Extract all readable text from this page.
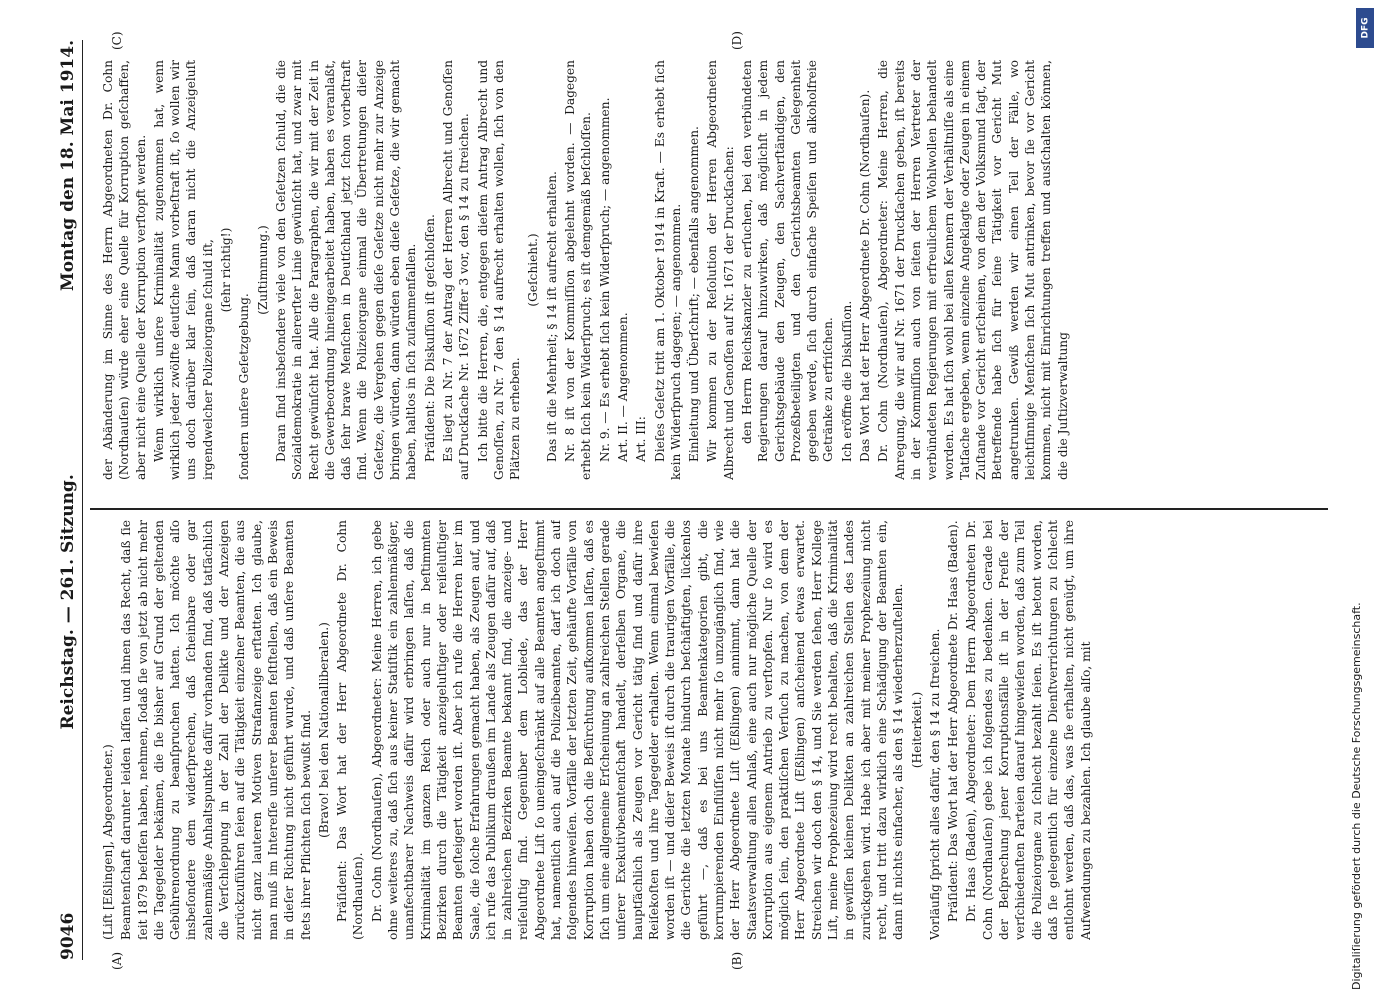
9046
Reichstag. — 261. Sitzung.
Montag den 18. Mai 1914.
(A)	(B)
(C)	(D)

(Liſt [Eßlingen], Abgeordneter.) Beamtenſchaft darunter leiden laſſen und ihnen das Recht, daß ſie ſeit 1879 beſeſſen haben, nehmen, ſodaß ſie von jetzt ab nicht mehr die Tagegelder bekämen, die ſie bisher auf Grund der geltenden Gebührenordnung zu beanſpruchen hatten. Ich möchte alſo insbeſondere dem widerſprechen, daß ſcheinbare oder gar zahlenmäßige Anhaltspunkte dafür vorhanden ſind, daß tatſächlich die Verſchleppung in der Zahl der Delikte und der Anzeigen zurückzuführen ſeien auf die Tätigkeit einzelner Beamten, die aus nicht ganz lauteren Motiven Strafanzeige erſtatten. Ich glaube, man muß im Intereſſe unſerer Beamten feſtſtellen, daß ein Beweis in dieſer Richtung nicht geführt wurde, und daß unſere Beamten ſtets ihrer Pflichten ſich bewußt ſind. (Bravo! bei den Nationalliberalen.) Präſident: Das Wort hat der Herr Abgeordnete Dr. Cohn (Nordhauſen). Dr. Cohn (Nordhauſen), Abgeordneter: Meine Herren, ich gebe ohne weiteres zu, daß ſich aus keiner Statiſtik ein zahlenmäßiger, unanfechtbarer Nachweis dafür wird erbringen laſſen, daß die Kriminalität im ganzen Reich oder auch nur in beſtimmten Bezirken durch die Tätigkeit anzeigeluſtiger oder reiſeluſtiger Beamten geſteigert worden iſt. Aber ich rufe die Herren hier im Saale, die ſolche Erfahrungen gemacht haben, als Zeugen auf, und ich rufe das Publikum draußen im Lande als Zeugen dafür auf, daß in zahlreichen Bezirken Beamte bekannt ſind, die anzeige- und reiſeluſtig ſind. Gegenüber dem Lobliede, das der Herr Abgeordnete Liſt ſo uneingeſchränkt auf alle Beamten angeſtimmt hat, namentlich auch auf die Polizeibeamten, darf ich doch auf folgendes hinweiſen. Vorfälle der letzten Zeit, gehäufte Vorfälle von Korruption haben doch die Befürchtung aufkommen laſſen, daß es ſich um eine allgemeine Erſcheinung an zahlreichen Stellen gerade unſerer Exekutivbeamtenſchaft handelt, derſelben Organe, die hauptſächlich als Zeugen vor Gericht tätig ſind und dafür ihre Reiſekoſten und ihre Tagegelder erhalten. Wenn einmal bewieſen worden iſt — und dieſer Beweis iſt durch die traurigen Vorfälle, die die Gerichte die letzten Monate hindurch beſchäftigten, lückenlos geführt —, daß es bei uns Beamtenkategorien gibt, die korrumpierenden Einflüſſen nicht mehr ſo unzugänglich ſind, wie der Herr Abgeordnete Liſt (Eßlingen) annimmt, dann hat die Staatsverwaltung allen Anlaß, eine auch nur mögliche Quelle der Korruption aus eigenem Antrieb zu verſtopfen. Nur ſo wird es möglich ſein, den praktiſchen Verſuch zu machen, von dem der Herr Abgeordnete Liſt (Eßlingen) anſcheinend etwas erwartet. Streichen wir doch den § 14, und Sie werden ſehen, Herr Kollege Liſt, meine Prophezeiung wird recht behalten, daß die Kriminalität in gewiſſen kleinen Delikten an zahlreichen Stellen des Landes zurückgehen wird. Habe ich aber mit meiner Prophezeiung nicht recht, und tritt dazu wirklich eine Schädigung der Beamten ein, dann iſt nichts einfacher, als den § 14 wiederherzuſtellen. (Heiterkeit.) Vorläufig ſpricht alles dafür, den § 14 zu ſtreichen. Präſident: Das Wort hat der Herr Abgeordnete Dr. Haas (Baden). Dr. Haas (Baden), Abgeordneter: Dem Herrn Abgeordneten Dr. Cohn (Nordhauſen) gebe ich folgendes zu bedenken. Gerade bei der Beſprechung jener Korruptionsfälle iſt in der Preſſe der verſchiedenſten Parteien darauf hingewieſen worden, daß zum Teil die Polizeiorgane zu ſchlecht bezahlt ſeien. Es iſt betont worden, daß ſie gelegentlich für einzelne Dienſtverrichtungen zu ſchlecht entlohnt werden, daß das, was ſie erhalten, nicht genügt, um ihre Aufwendungen zu bezahlen. Ich glaube alſo, mit

der Abänderung im Sinne des Herrn Abgeordneten Dr. Cohn (Nordhauſen) würde eher eine Quelle für Korruption geſchaffen, aber nicht eine Quelle der Korruption verſtopft werden. Wenn wirklich unſere Kriminalität zugenommen hat, wenn wirklich jeder zwölfte deutſche Mann vorbeſtraft iſt, ſo wollen wir uns doch darüber klar ſein, daß daran nicht die Anzeigeluſt irgendwelcher Polizeiorgane ſchuld iſt, (ſehr richtig!)

ſondern unſere Geſetzgebung.

(Zuſtimmung.) Daran ſind insbeſondere viele von den Geſetzen ſchuld, die die Sozialdemokratie in allererſter Linie gewünſcht hat, und zwar mit Recht gewünſcht hat. Alle die Paragraphen, die wir mit der Zeit in die Gewerbeordnung hineingearbeitet haben, haben es veranlaßt, daß ſehr brave Menſchen in Deutſchland jetzt ſchon vorbeſtraft ſind. Wenn die Polizeiorgane einmal die Übertretungen dieſer Geſetze, die Vergehen gegen dieſe Geſetze nicht mehr zur Anzeige bringen würden, dann würden eben dieſe Geſetze, die wir gemacht haben, haltlos in ſich zuſammenfallen. Präſident: Die Diskuſſion iſt geſchloſſen. Es liegt zu Nr. 7 der Antrag der Herren Albrecht und Genoſſen auf Druckſache Nr. 1672 Ziffer 3 vor, den § 14 zu ſtreichen. Ich bitte die Herren, die, entgegen dieſem Antrag Albrecht und Genoſſen, zu Nr. 7 den § 14 aufrecht erhalten wollen, ſich von den Plätzen zu erheben.

(Geſchieht.) Das iſt die Mehrheit; § 14 iſt aufrecht erhalten. Nr. 8 iſt von der Kommiſſion abgelehnt worden. — Dagegen erhebt ſich kein Widerſpruch; es iſt demgemäß beſchloſſen. Nr. 9. — Es erhebt ſich kein Widerſpruch; — angenommen. Art. II. — Angenommen. Art. III: Dieſes Geſetz tritt am 1. Oktober 1914 in Kraft. — Es erhebt ſich kein Widerſpruch dagegen; — angenommen. Einleitung und Überſchrift; — ebenfalls angenommen. Wir kommen zu der Reſolution der Herren Abgeordneten Albrecht und Genoſſen auf Nr. 1671 der Druckſachen: den Herrn Reichskanzler zu erſuchen, bei den verbündeten Regierungen darauf hinzuwirken, daß möglichſt in jedem Gerichtsgebäude den Zeugen, den Sachverſtändigen, den Prozeßbeteiligten und den Gerichtsbeamten Gelegenheit gegeben werde, ſich durch einfache Speiſen und alkoholfreie Getränke zu erfriſchen. Ich eröffne die Diskuſſion. Das Wort hat der Herr Abgeordnete Dr. Cohn (Nordhauſen). Dr. Cohn (Nordhauſen), Abgeordneter: Meine Herren, die Anregung, die wir auf Nr. 1671 der Druckſachen geben, iſt bereits in der Kommiſſion auch von ſeiten der Herren Vertreter der verbündeten Regierungen mit erfreulichem Wohlwollen behandelt worden. Es hat ſich wohl bei allen Kennern der Verhältniſſe als eine Tatſache ergeben, wenn einzelne Angeklagte oder Zeugen in einem Zuſtande vor Gericht erſcheinen, von dem der Volksmund ſagt, der Betreffende habe ſich für ſeine Tätigkeit vor Gericht Mut angetrunken. Gewiß werden wir einen Teil der Fälle, wo leichtſinnige Menſchen ſich Mut antrinken, bevor ſie vor Gericht kommen, nicht mit Einrichtungen treffen und ausſchalten können, die die Juſtizverwaltung

Digitaliſierung gefördert durch die Deutsche Forschungsgemeinschaft.
DFG
